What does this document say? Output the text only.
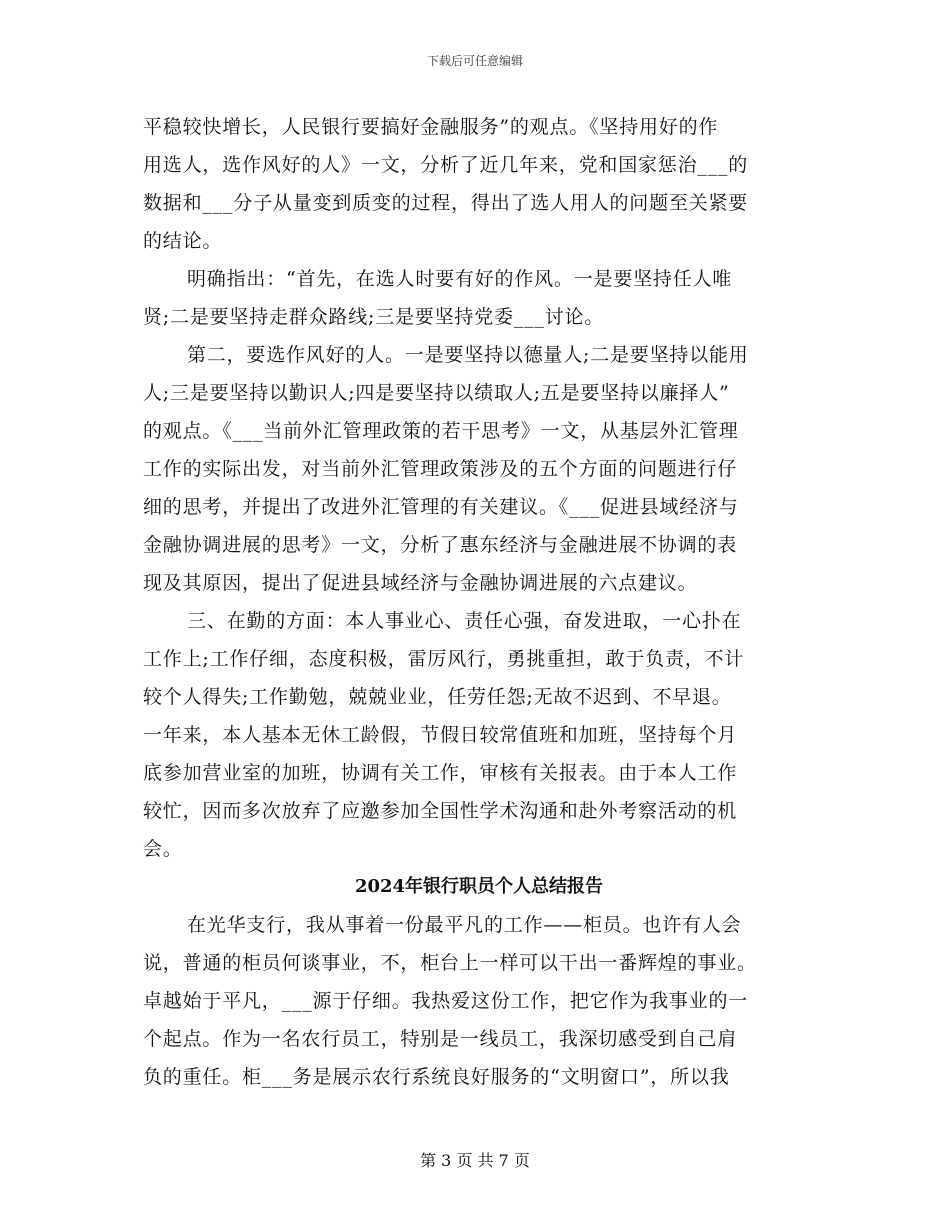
下载后可任意编辑
平稳较快增长，人民银行要搞好金融服务”的观点。《坚持用好的作
用选人，选作风好的人》一文，分析了近几年来，党和国家惩治___的
数据和___分子从量变到质变的过程，得出了选人用人的问题至关紧要
的结论。
明确指出：“首先，在选人时要有好的作风。一是要坚持任人唯
贤;二是要坚持走群众路线;三是要坚持党委___讨论。
第二，要选作风好的人。一是要坚持以德量人;二是要坚持以能用
人;三是要坚持以勤识人;四是要坚持以绩取人;五是要坚持以廉择人”
的观点。《___当前外汇管理政策的若干思考》一文，从基层外汇管理
工作的实际出发，对当前外汇管理政策涉及的五个方面的问题进行仔
细的思考，并提出了改进外汇管理的有关建议。《___促进县域经济与
金融协调进展的思考》一文，分析了惠东经济与金融进展不协调的表
现及其原因，提出了促进县域经济与金融协调进展的六点建议。
三、在勤的方面：本人事业心、责任心强，奋发进取，一心扑在
工作上;工作仔细，态度积极，雷厉风行，勇挑重担，敢于负责，不计
较个人得失;工作勤勉，兢兢业业，任劳任怨;无故不迟到、不早退。
一年来，本人基本无休工龄假，节假日较常值班和加班，坚持每个月
底参加营业室的加班，协调有关工作，审核有关报表。由于本人工作
较忙，因而多次放弃了应邀参加全国性学术沟通和赴外考察活动的机
会。
2024年银行职员个人总结报告
在光华支行，我从事着一份最平凡的工作——柜员。也许有人会
说，普通的柜员何谈事业，不，柜台上一样可以干出一番辉煌的事业。
卓越始于平凡，___源于仔细。我热爱这份工作，把它作为我事业的一
个起点。作为一名农行员工，特别是一线员工，我深切感受到自己肩
负的重任。柜___务是展示农行系统良好服务的“文明窗口”，所以我
第 3 页 共 7 页
